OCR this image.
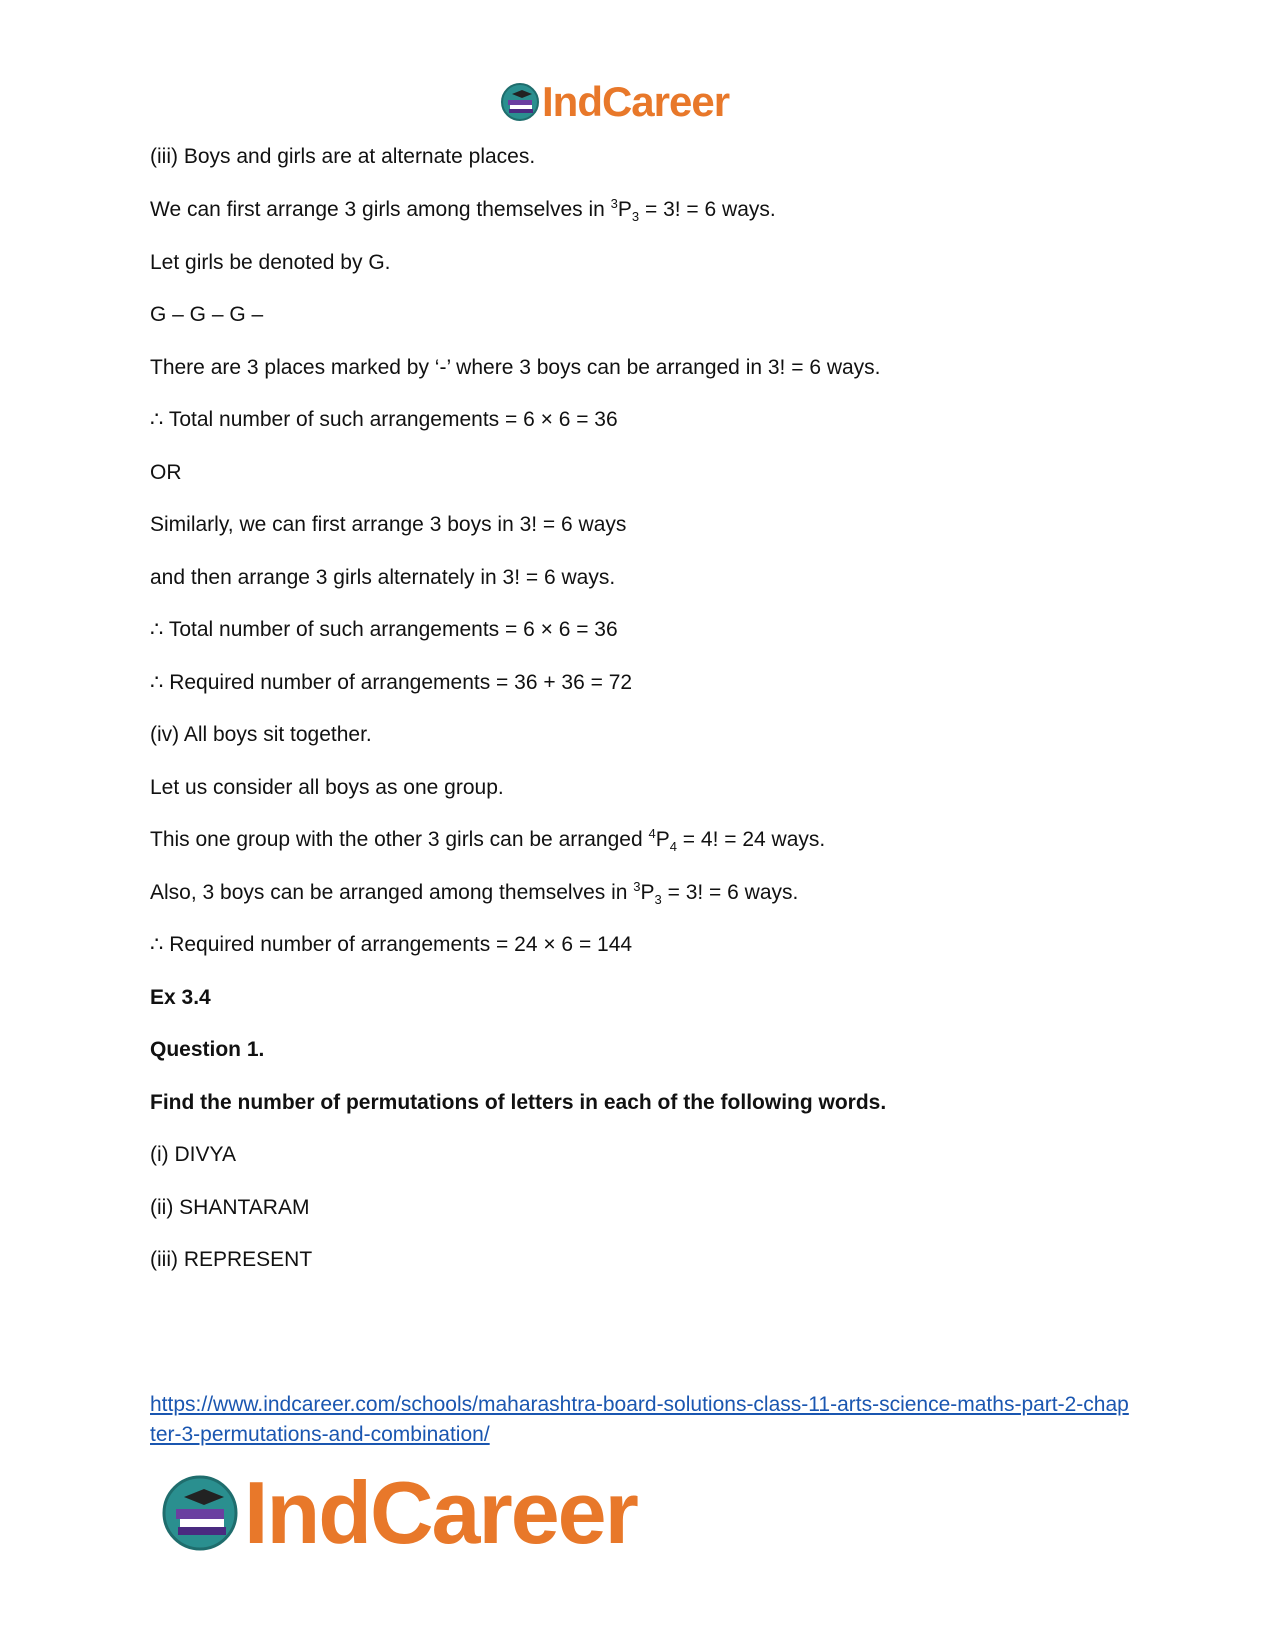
IndCareer
(iii) Boys and girls are at alternate places.
We can first arrange 3 girls among themselves in $^3P_3 = 3$! = 6 ways.
Let girls be denoted by G.
G – G – G –
There are 3 places marked by ‘-’ where 3 boys can be arranged in 3! = 6 ways.
∴ Total number of such arrangements = 6 × 6 = 36
OR
Similarly, we can first arrange 3 boys in 3! = 6 ways
and then arrange 3 girls alternately in 3! = 6 ways.
∴ Total number of such arrangements = 6 × 6 = 36
∴ Required number of arrangements = 36 + 36 = 72
(iv) All boys sit together.
Let us consider all boys as one group.
This one group with the other 3 girls can be arranged $^4P_4 = 4$! = 24 ways.
Also, 3 boys can be arranged among themselves in $^3P_3 = 3$! = 6 ways.
∴ Required number of arrangements = 24 × 6 = 144
Ex 3.4
Question 1.
Find the number of permutations of letters in each of the following words.
(i) DIVYA
(ii) SHANTARAM
(iii) REPRESENT
https://www.indcareer.com/schools/maharashtra-board-solutions-class-11-arts-science-maths-part-2-chapter-3-permutations-and-combination/
IndCareer
